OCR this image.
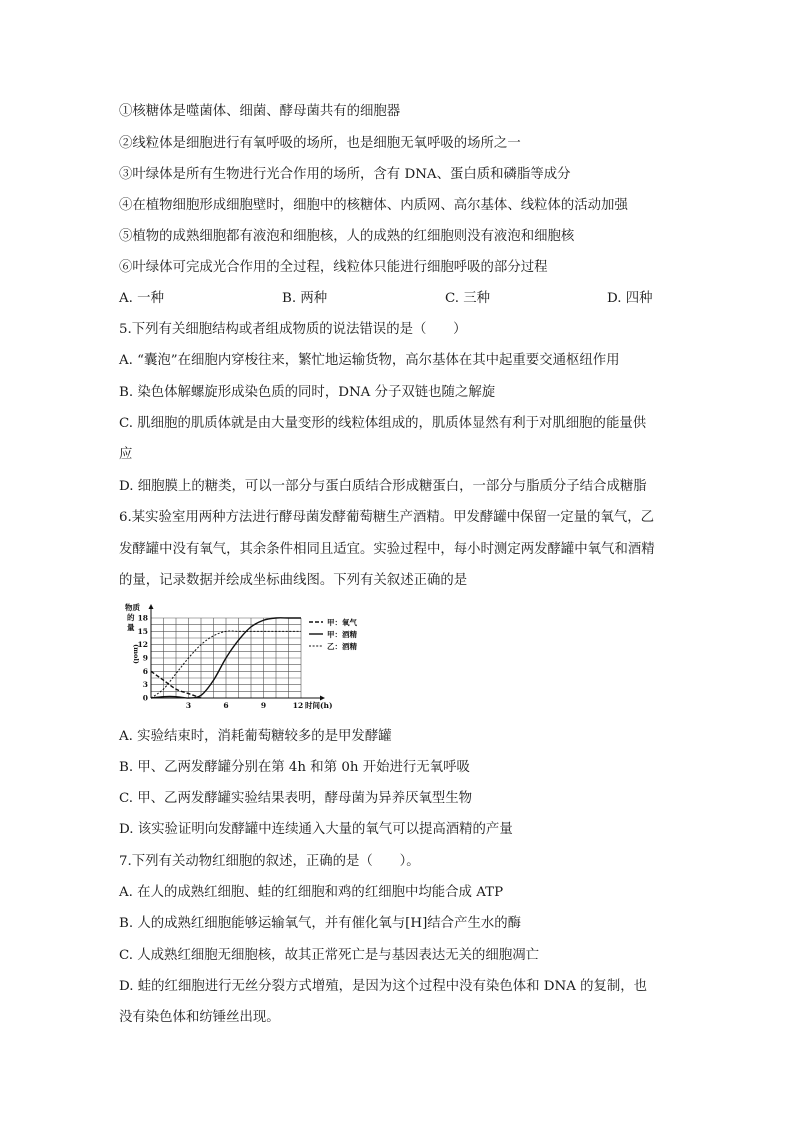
①核糖体是噬菌体、细菌、酵母菌共有的细胞器
②线粒体是细胞进行有氧呼吸的场所，也是细胞无氧呼吸的场所之一
③叶绿体是所有生物进行光合作用的场所，含有 DNA、蛋白质和磷脂等成分
④在植物细胞形成细胞壁时，细胞中的核糖体、内质网、高尔基体、线粒体的活动加强
⑤植物的成熟细胞都有液泡和细胞核，人的成熟的红细胞则没有液泡和细胞核
⑥叶绿体可完成光合作用的全过程，线粒体只能进行细胞呼吸的部分过程
A. 一种	B. 两种	C. 三种	D. 四种
5.下列有关细胞结构或者组成物质的说法错误的是（　　）
A. “囊泡”在细胞内穿梭往来，繁忙地运输货物，高尔基体在其中起重要交通枢纽作用
B. 染色体解螺旋形成染色质的同时，DNA 分子双链也随之解旋
C. 肌细胞的肌质体就是由大量变形的线粒体组成的，肌质体显然有利于对肌细胞的能量供
应
D. 细胞膜上的糖类，可以一部分与蛋白质结合形成糖蛋白，一部分与脂质分子结合成糖脂
6.某实验室用两种方法进行酵母菌发酵葡萄糖生产酒精。甲发酵罐中保留一定量的氧气，乙
发酵罐中没有氧气，其余条件相同且适宜。实验过程中，每小时测定两发酵罐中氧气和酒精
的量，记录数据并绘成坐标曲线图。下列有关叙述正确的是
物质
的
量
(mol)
0
3
6
9
12
15
18
3	6	9	12 时间(h)
甲：氧气
甲：酒精
乙：酒精
A. 实验结束时，消耗葡萄糖较多的是甲发酵罐
B. 甲、乙两发酵罐分别在第 4h 和第 0h 开始进行无氧呼吸
C. 甲、乙两发酵罐实验结果表明，酵母菌为异养厌氧型生物
D. 该实验证明向发酵罐中连续通入大量的氧气可以提高酒精的产量
7.下列有关动物红细胞的叙述，正确的是（　　）。
A. 在人的成熟红细胞、蛙的红细胞和鸡的红细胞中均能合成 ATP
B. 人的成熟红细胞能够运输氧气，并有催化氧与[H]结合产生水的酶
C. 人成熟红细胞无细胞核，故其正常死亡是与基因表达无关的细胞凋亡
D. 蛙的红细胞进行无丝分裂方式增殖，是因为这个过程中没有染色体和 DNA 的复制，也
没有染色体和纺锤丝出现。
